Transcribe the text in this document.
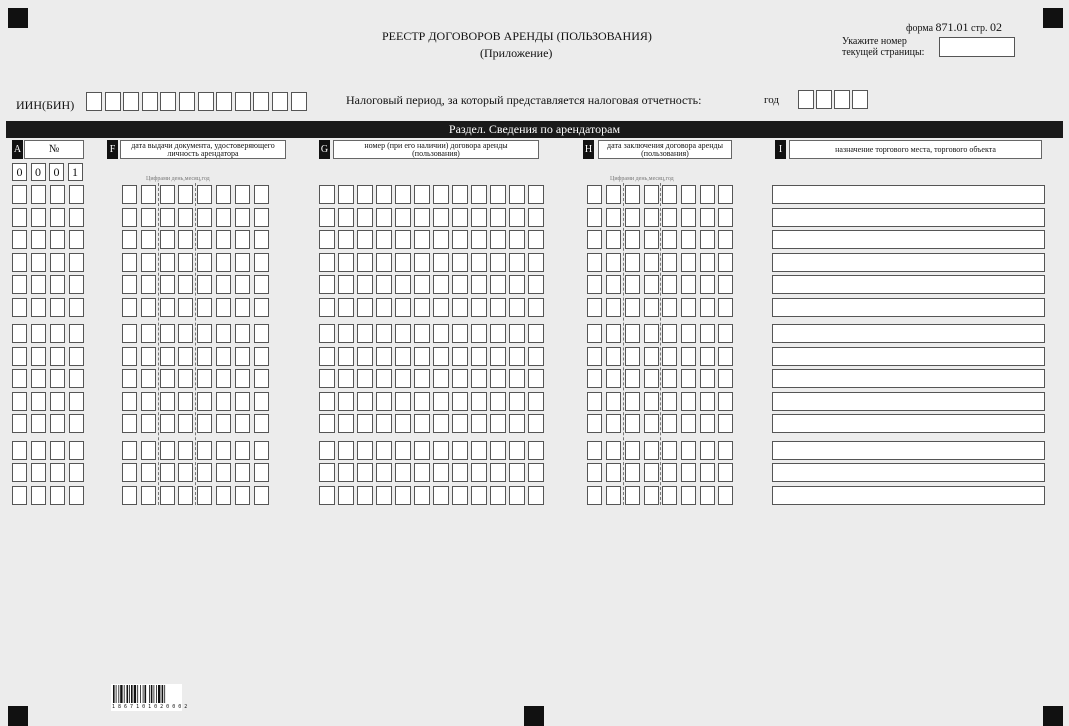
РЕЕСТР ДОГОВОРОВ АРЕНДЫ (ПОЛЬЗОВАНИЯ)
(Приложение)
форма 871.01 стр. 02
Укажите номер текущей страницы:
ИИН(БИН)	Налоговый период, за который представляется налоговая отчетность:	год
Раздел. Сведения по арендаторам
A	№	F	дата выдачи документа, удостоверяющего личность арендатора	G	номер (при его наличии) договора аренды (пользования)	H	дата заключения договора аренды (пользования)	I	назначение торгового места, торгового объекта
0	0	0	1	Цифрами день,месяц,год	Цифрами день,месяц,год
1 8 6 7 1 0 1 0 2 0 0 0 2
